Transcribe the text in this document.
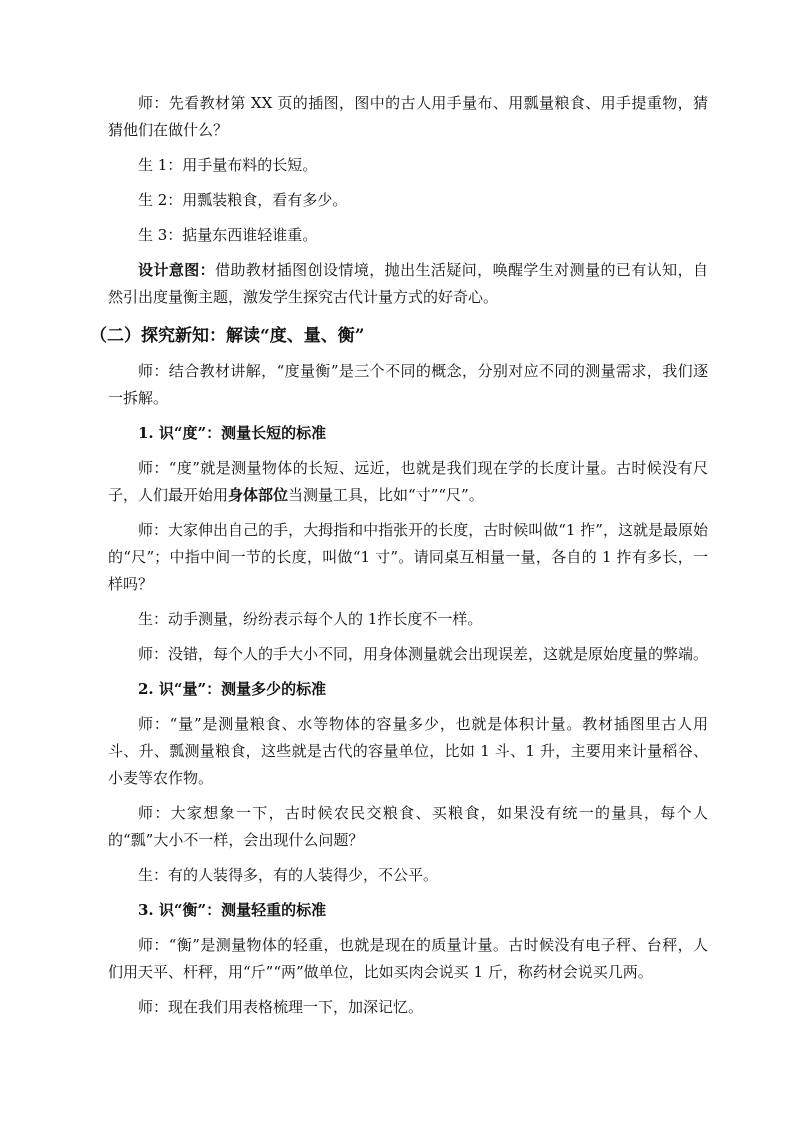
师：先看教材第 XX 页的插图，图中的古人用手量布、用瓢量粮食、用手提重物，猜猜他们在做什么？

生 1：用手量布料的长短。

生 2：用瓢装粮食，看有多少。

生 3：掂量东西谁轻谁重。

设计意图：借助教材插图创设情境，抛出生活疑问，唤醒学生对测量的已有认知，自然引出度量衡主题，激发学生探究古代计量方式的好奇心。

（二）探究新知：解读“度、量、衡”

师：结合教材讲解，“度量衡”是三个不同的概念，分别对应不同的测量需求，我们逐一拆解。

1. 识“度”：测量长短的标准

师：“度”就是测量物体的长短、远近，也就是我们现在学的长度计量。古时候没有尺子，人们最开始用身体部位当测量工具，比如“寸”“尺”。

师：大家伸出自己的手，大拇指和中指张开的长度，古时候叫做“1 拃”，这就是最原始的“尺”；中指中间一节的长度，叫做“1 寸”。请同桌互相量一量，各自的 1 拃有多长，一样吗？

生：动手测量，纷纷表示每个人的 1拃长度不一样。

师：没错，每个人的手大小不同，用身体测量就会出现误差，这就是原始度量的弊端。

2. 识“量”：测量多少的标准

师：“量”是测量粮食、水等物体的容量多少，也就是体积计量。教材插图里古人用斗、升、瓢测量粮食，这些就是古代的容量单位，比如 1 斗、1 升，主要用来计量稻谷、小麦等农作物。

师：大家想象一下，古时候农民交粮食、买粮食，如果没有统一的量具，每个人的“瓢”大小不一样，会出现什么问题？

生：有的人装得多，有的人装得少，不公平。

3. 识“衡”：测量轻重的标准

师：“衡”是测量物体的轻重，也就是现在的质量计量。古时候没有电子秤、台秤，人们用天平、杆秤，用“斤”“两”做单位，比如买肉会说买 1 斤，称药材会说买几两。

师：现在我们用表格梳理一下，加深记忆。
